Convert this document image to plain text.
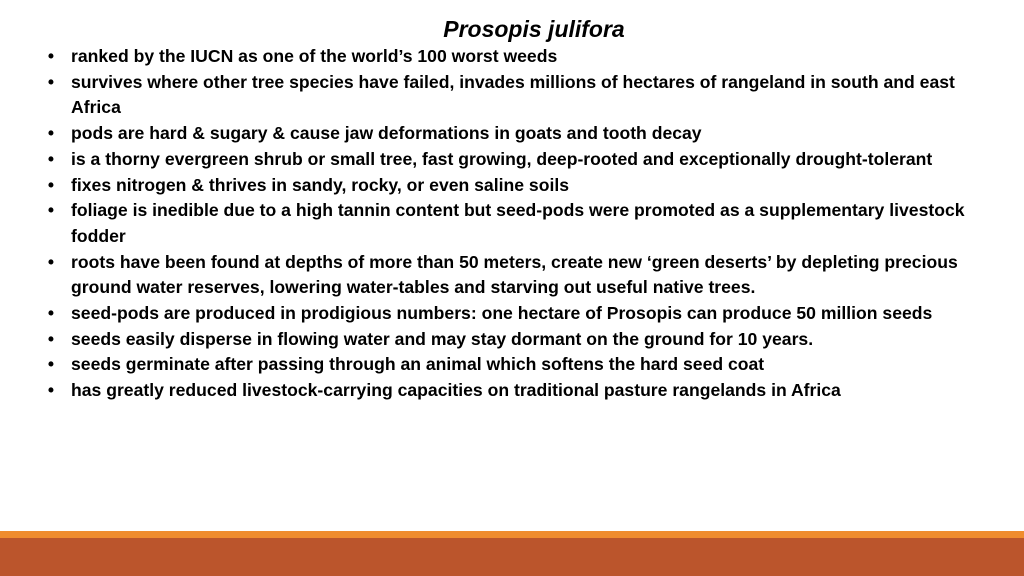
Prosopis julifora
• ranked by the IUCN as one of the world’s 100 worst weeds
• survives where other tree species have failed, invades millions of hectares of rangeland in south and east Africa
• pods are hard & sugary & cause jaw deformations in goats and tooth decay
• is a thorny evergreen shrub or small tree, fast growing, deep-rooted and exceptionally drought-tolerant
• fixes nitrogen & thrives in sandy, rocky, or even saline soils
• foliage is inedible due to a high tannin content but seed-pods were promoted as a supplementary livestock fodder
• roots have been found at depths of more than 50 meters, create new ‘green deserts’ by depleting precious ground water reserves, lowering water-tables and starving out useful native trees.
• seed-pods are produced in prodigious numbers: one hectare of Prosopis can produce 50 million seeds
• seeds easily disperse in flowing water and may stay dormant on the ground for 10 years.
• seeds germinate after passing through an animal which softens the hard seed coat
• has greatly reduced livestock-carrying capacities on traditional pasture rangelands in Africa
